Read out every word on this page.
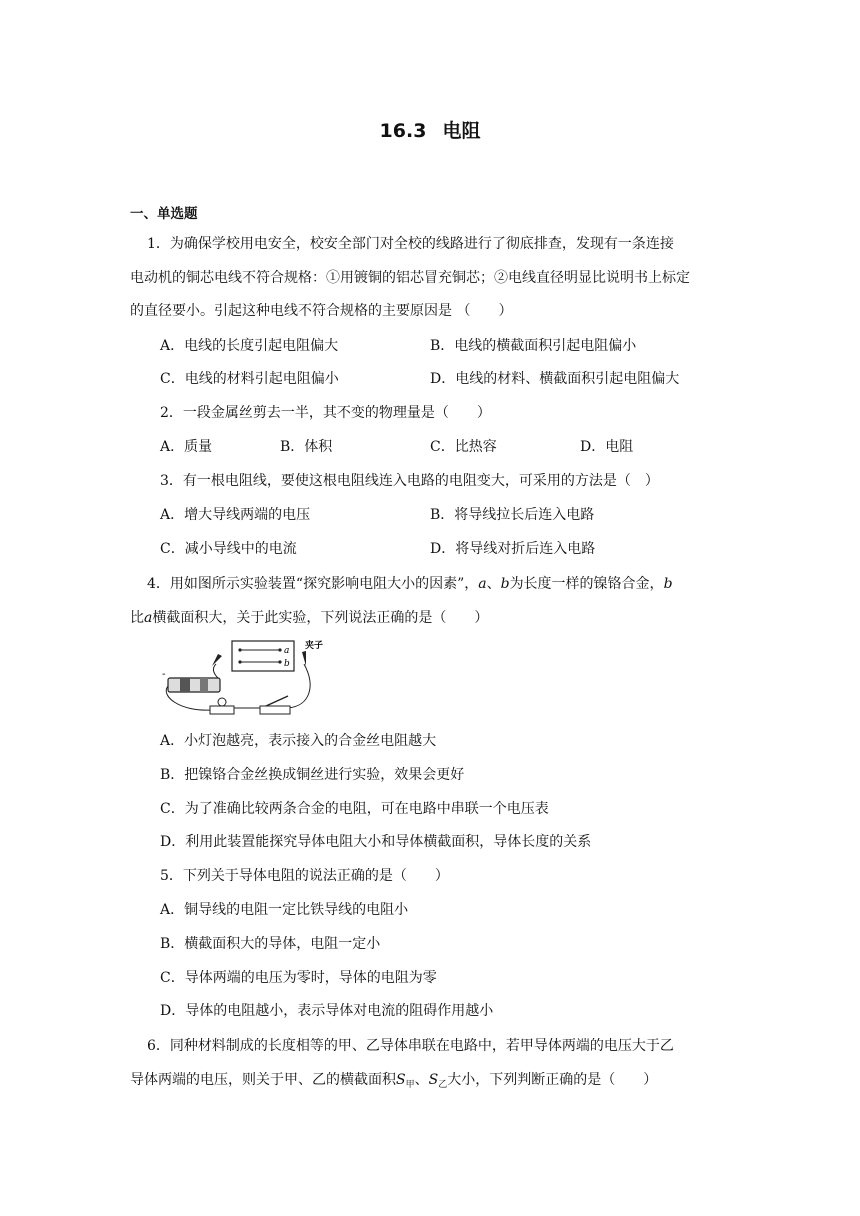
16.3 电阻
一、单选题
1．为确保学校用电安全，校安全部门对全校的线路进行了彻底排查，发现有一条连接
电动机的铜芯电线不符合规格：①用镀铜的铝芯冒充铜芯；②电线直径明显比说明书上标定
的直径要小。引起这种电线不符合规格的主要原因是 （　　）
A．电线的长度引起电阻偏大	B．电线的横截面积引起电阻偏小
C．电线的材料引起电阻偏小	D．电线的材料、横截面积引起电阻偏大
2．一段金属丝剪去一半，其不变的物理量是（　　）
A．质量	B．体积	C．比热容	D．电阻
3．有一根电阻线，要使这根电阻线连入电路的电阻变大，可采用的方法是（　）
A．增大导线两端的电压	B．将导线拉长后连入电路
C．减小导线中的电流	D．将导线对折后连入电路
4．用如图所示实验装置“探究影响电阻大小的因素”，a、b为长度一样的镍铬合金，b
比a横截面积大，关于此实验，下列说法正确的是（　　）
a
b
夹子
-
A．小灯泡越亮，表示接入的合金丝电阻越大
B．把镍铬合金丝换成铜丝进行实验，效果会更好
C．为了准确比较两条合金的电阻，可在电路中串联一个电压表
D．利用此装置能探究导体电阻大小和导体横截面积，导体长度的关系
5．下列关于导体电阻的说法正确的是（　　）
A．铜导线的电阻一定比铁导线的电阻小
B．横截面积大的导体，电阻一定小
C．导体两端的电压为零时，导体的电阻为零
D．导体的电阻越小，表示导体对电流的阻碍作用越小
6．同种材料制成的长度相等的甲、乙导体串联在电路中，若甲导体两端的电压大于乙
导体两端的电压，则关于甲、乙的横截面积$S_甲$、$S_乙$大小，下列判断正确的是（　　）
